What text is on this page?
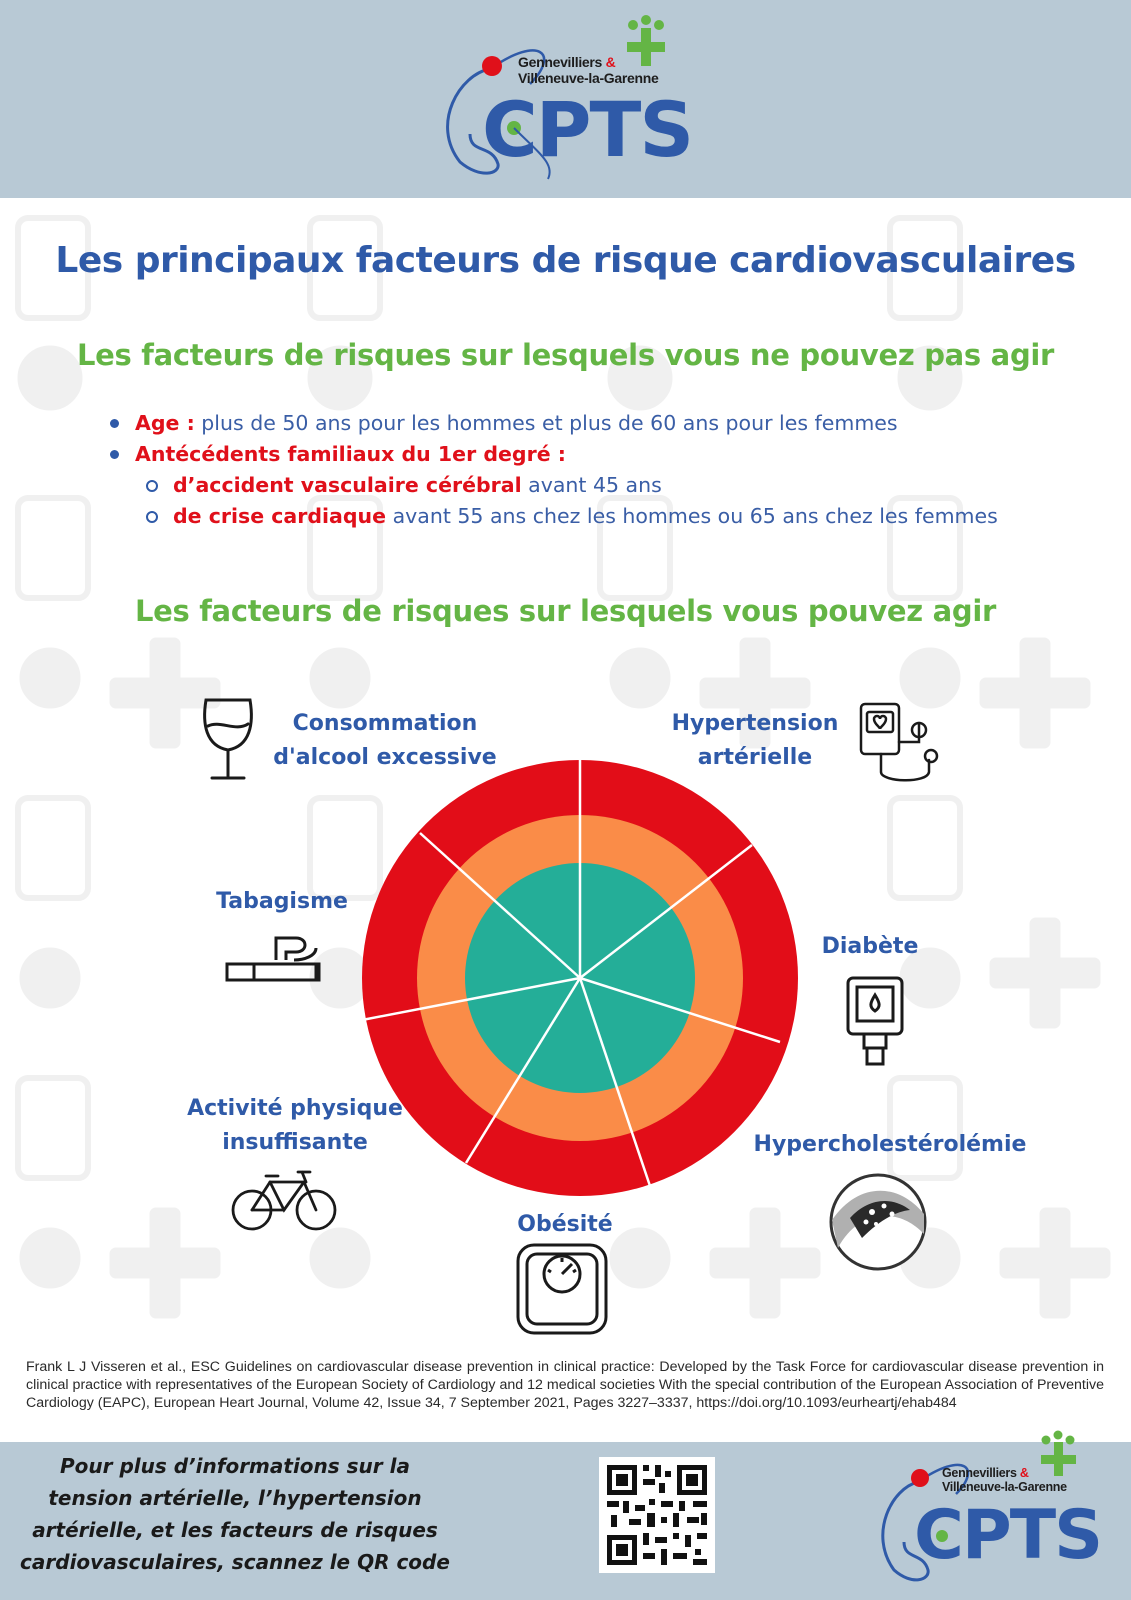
Gennevilliers &
Villeneuve-la-Garenne
CPTS
Les principaux facteurs de risque cardiovasculaires
Les facteurs de risques sur lesquels vous ne pouvez pas agir
Age : plus de 50 ans pour les hommes et plus de 60 ans pour les femmes
Antécédents familiaux du 1er degré :
d’accident vasculaire cérébral avant 45 ans
de crise cardiaque avant 55 ans chez les hommes ou 65 ans chez les femmes
Les facteurs de risques sur lesquels vous pouvez agir
Consommation
d'alcool excessive
Hypertension
artérielle
Tabagisme
Diabète
Activité physique
insuffisante	Hypercholestérolémie
Obésité
Frank L J Visseren et al., ESC Guidelines on cardiovascular disease prevention in clinical practice: Developed by the Task Force for cardiovascular disease prevention in clinical practice with representatives of the European Society of Cardiology and 12 medical societies With the special contribution of the European Association of Preventive Cardiology (EAPC), European Heart Journal, Volume 42, Issue 34, 7 September 2021, Pages 3227–3337, https://doi.org/10.1093/eurheartj/ehab484
Pour plus d’informations sur la
tension artérielle, l’hypertension
artérielle, et les facteurs de risques
cardiovasculaires, scannez le QR code
Gennevilliers &
Villeneuve-la-Garenne
CPTS
